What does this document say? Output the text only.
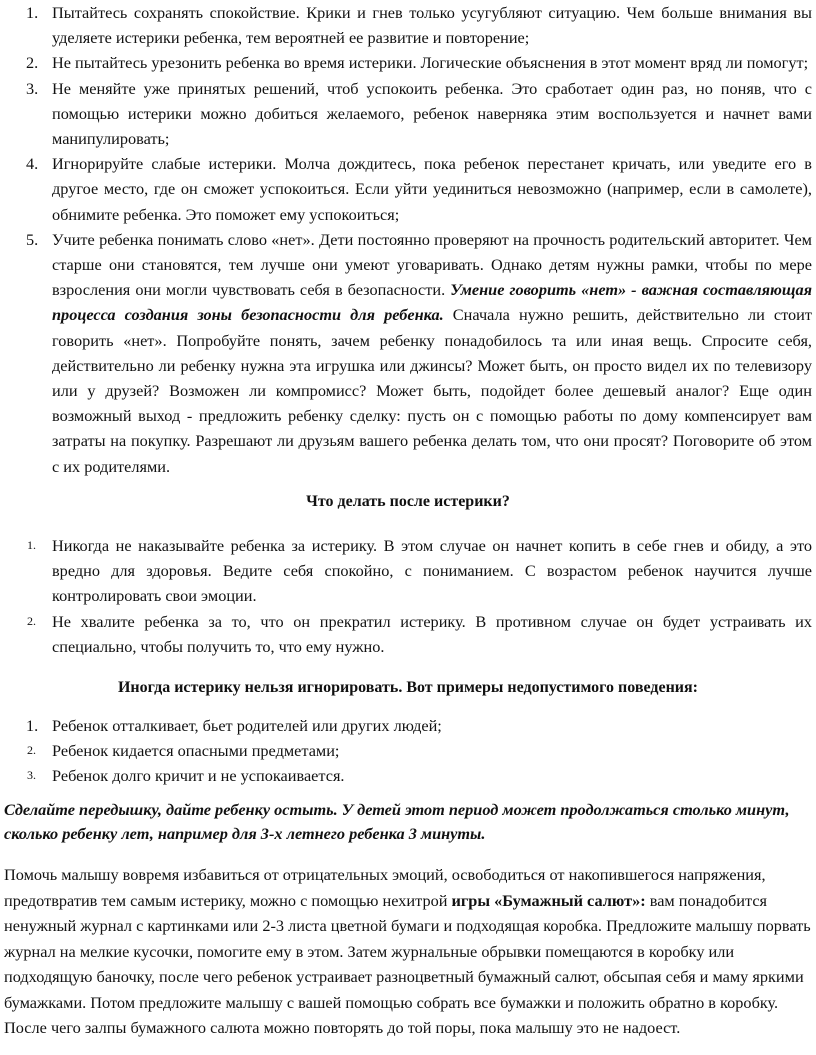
1. Пытайтесь сохранять спокойствие. Крики и гнев только усугубляют ситуацию. Чем больше внимания вы уделяете истерики ребенка, тем вероятней ее развитие и повторение;
2. Не пытайтесь урезонить ребенка во время истерики. Логические объяснения в этот момент вряд ли помогут;
3. Не меняйте уже принятых решений, чтоб успокоить ребенка. Это сработает один раз, но поняв, что с помощью истерики можно добиться желаемого, ребенок наверняка этим воспользуется и начнет вами манипулировать;
4. Игнорируйте слабые истерики. Молча дождитесь, пока ребенок перестанет кричать, или уведите его в другое место, где он сможет успокоиться. Если уйти уединиться невозможно (например, если в самолете), обнимите ребенка. Это поможет ему успокоиться;
5. Учите ребенка понимать слово «нет». Дети постоянно проверяют на прочность родительский авторитет. Чем старше они становятся, тем лучше они умеют уговаривать. Однако детям нужны рамки, чтобы по мере взросления они могли чувствовать себя в безопасности. Умение говорить «нет» - важная составляющая процесса создания зоны безопасности для ребенка. Сначала нужно решить, действительно ли стоит говорить «нет». Попробуйте понять, зачем ребенку понадобилось та или иная вещь. Спросите себя, действительно ли ребенку нужна эта игрушка или джинсы? Может быть, он просто видел их по телевизору или у друзей? Возможен ли компромисс? Может быть, подойдет более дешевый аналог? Еще один возможный выход - предложить ребенку сделку: пусть он с помощью работы по дому компенсирует вам затраты на покупку. Разрешают ли друзьям вашего ребенка делать том, что они просят? Поговорите об этом с их родителями.
Что делать после истерики?
1. Никогда не наказывайте ребенка за истерику. В этом случае он начнет копить в себе гнев и обиду, а это вредно для здоровья. Ведите себя спокойно, с пониманием. С возрастом ребенок научится лучше контролировать свои эмоции.
2. Не хвалите ребенка за то, что он прекратил истерику. В противном случае он будет устраивать их специально, чтобы получить то, что ему нужно.
Иногда истерику нельзя игнорировать. Вот примеры недопустимого поведения:
1. Ребенок отталкивает, бьет родителей или других людей;
2. Ребенок кидается опасными предметами;
3. Ребенок долго кричит и не успокаивается.

Сделайте передышку, дайте ребенку остыть. У детей этот период может продолжаться столько минут, сколько ребенку лет, например для 3-х летнего ребенка 3 минуты.

Помочь малышу вовремя избавиться от отрицательных эмоций, освободиться от накопившегося напряжения, предотвратив тем самым истерику, можно с помощью нехитрой игры «Бумажный салют»: вам понадобится ненужный журнал с картинками или 2-3 листа цветной бумаги и подходящая коробка. Предложите малышу порвать журнал на мелкие кусочки, помогите ему в этом. Затем журнальные обрывки помещаются в коробку или подходящую баночку, после чего ребенок устраивает разноцветный бумажный салют, обсыпая себя и маму яркими бумажками. Потом предложите малышу с вашей помощью собрать все бумажки и положить обратно в коробку. После чего залпы бумажного салюта можно повторять до той поры, пока малышу это не надоест.
